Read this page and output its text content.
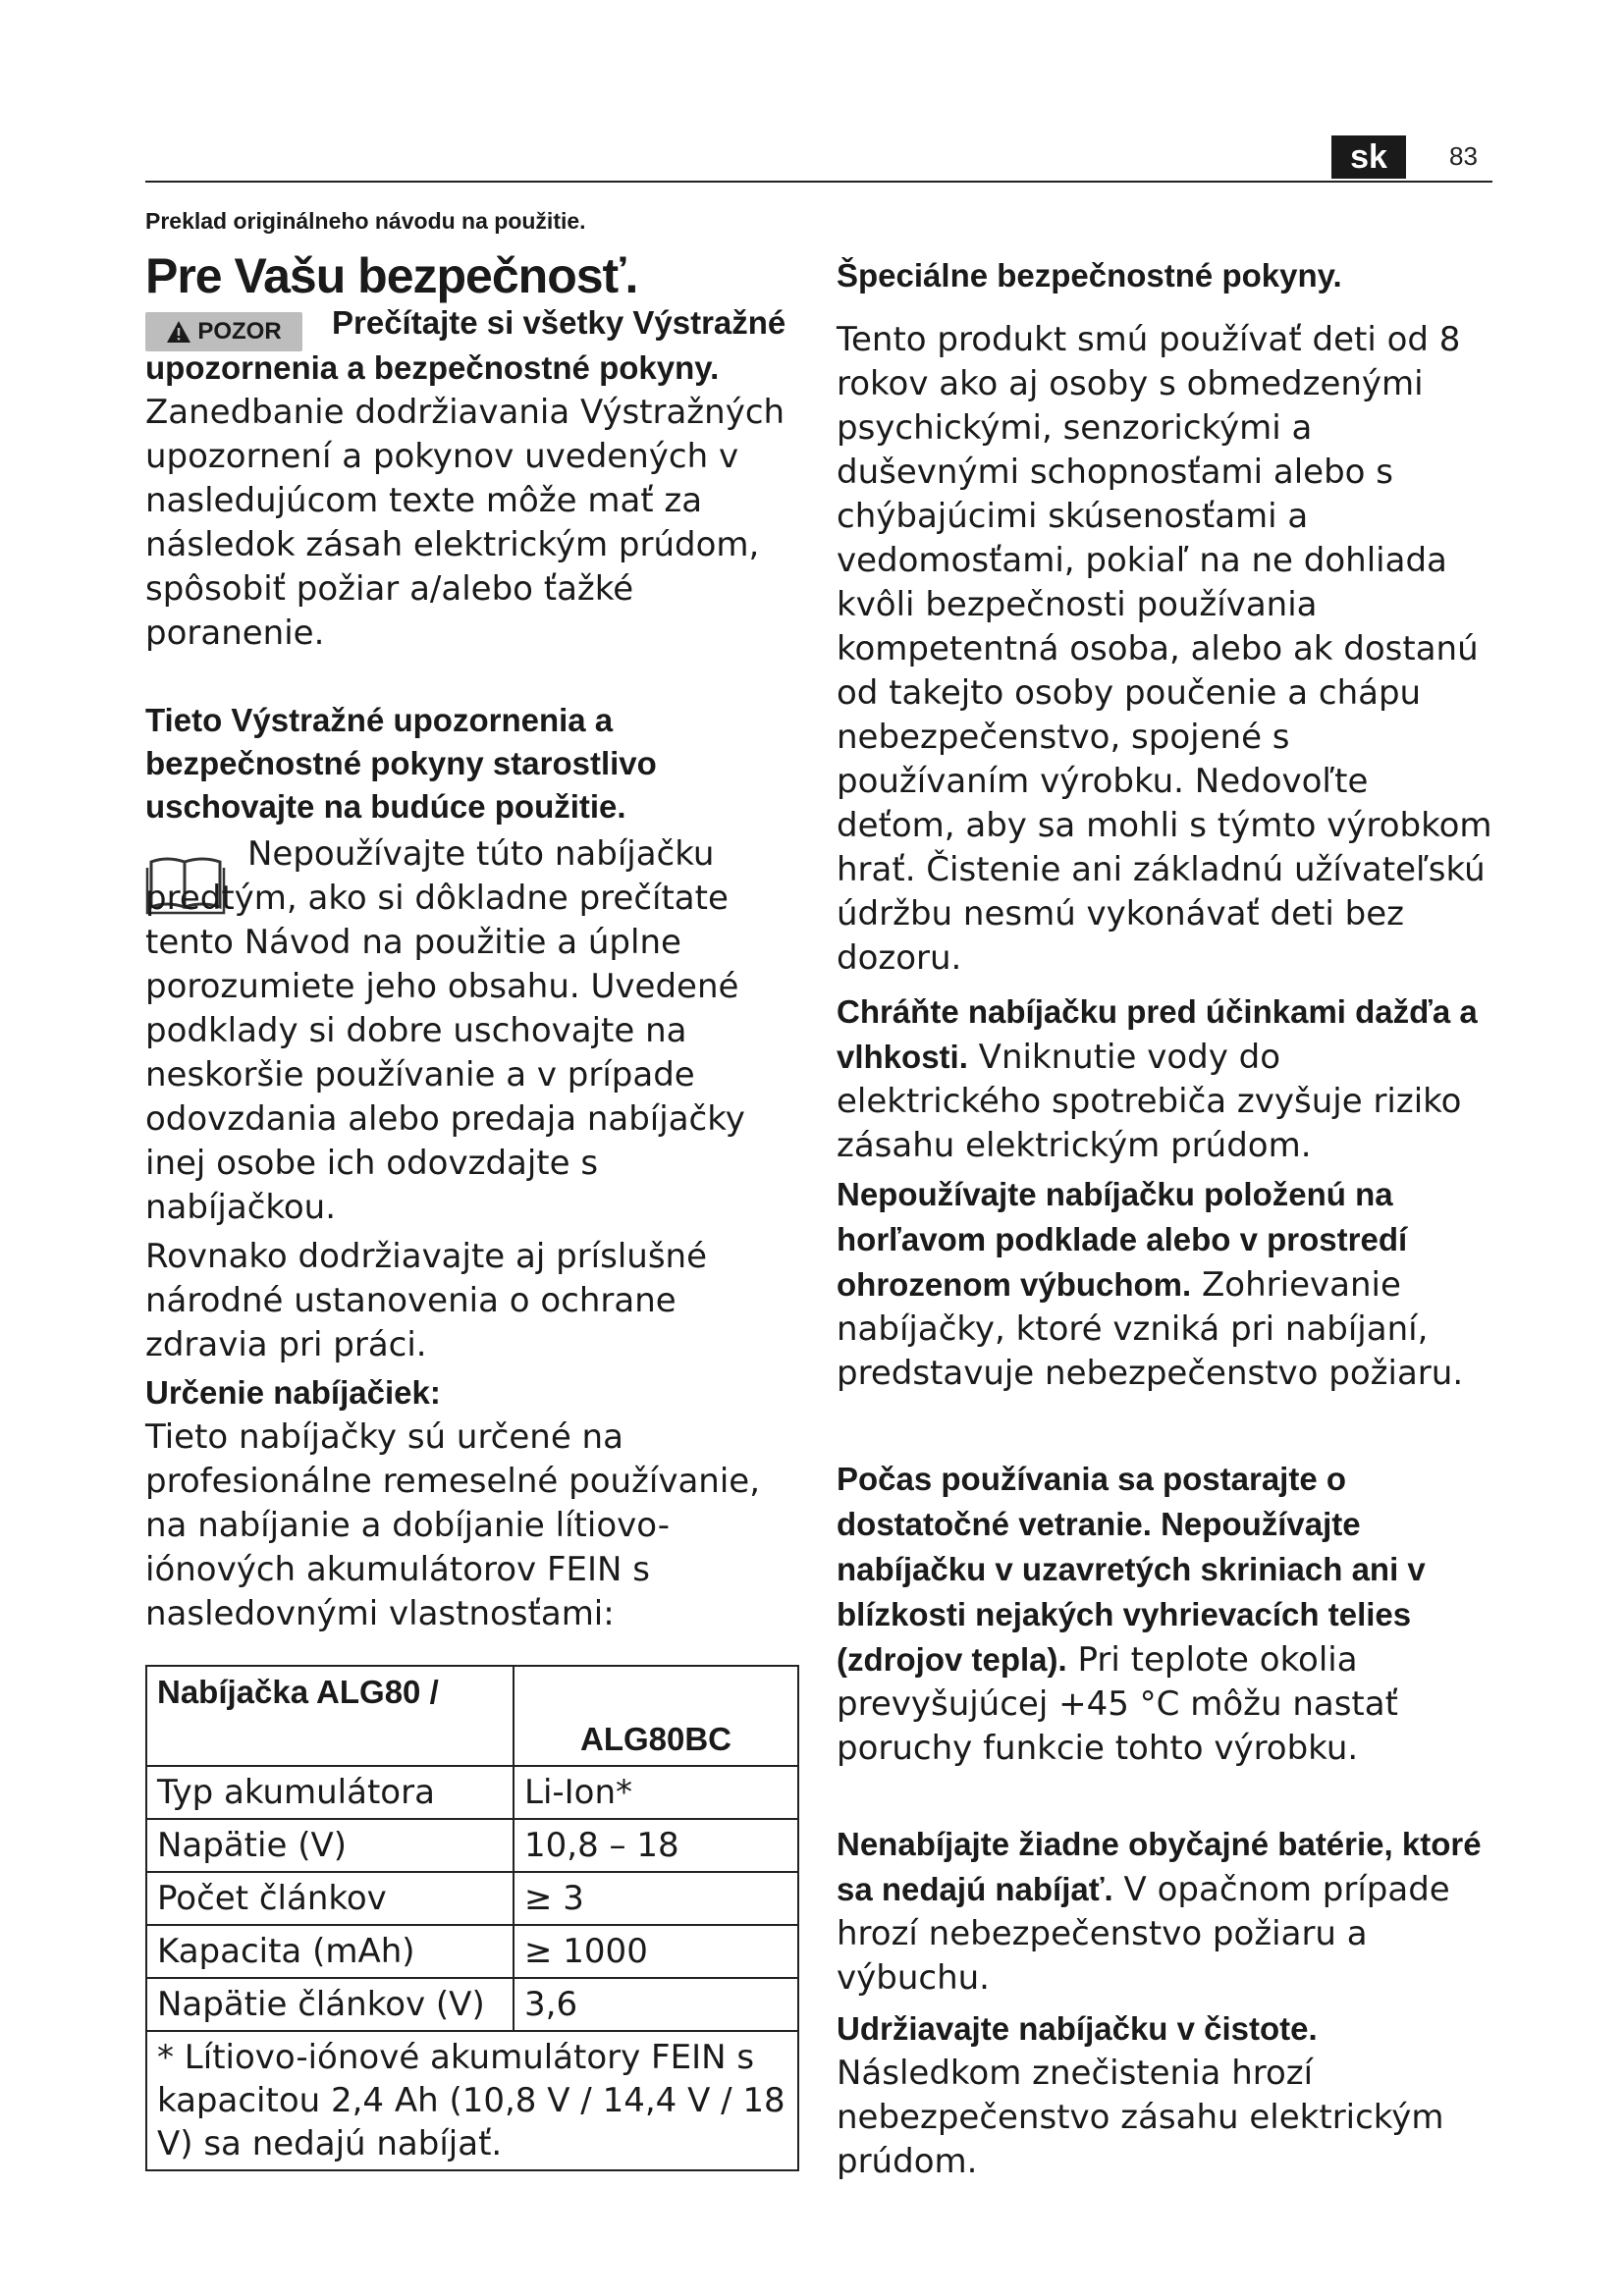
sk	83
Preklad originálneho návodu na použitie.
Pre Vašu bezpečnosť.
POZOR	Prečítajte si všetky Výstražné upozornenia a bezpečnostné pokyny. Zanedbanie dodržiavania Výstražných upozornení a pokynov uvedených v nasledujúcom texte môže mať za následok zásah elektrickým prúdom, spôsobiť požiar a/alebo ťažké poranenie.

Tieto Výstražné upozornenia a bezpečnostné pokyny starostlivo uschovajte na budúce použitie.

Nepoužívajte túto nabíjačku predtým, ako si dôkladne prečítate tento Návod na použitie a úplne porozumiete jeho obsahu. Uvedené podklady si dobre uschovajte na neskoršie používanie a v prípade odovzdania alebo predaja nabíjačky inej osobe ich odovzdajte s nabíjačkou.

Rovnako dodržiavajte aj príslušné národné ustanovenia o ochrane zdravia pri práci.

Určenie nabíjačiek:

Tieto nabíjačky sú určené na profesionálne remeselné používanie, na nabíjanie a dobíjanie lítiovo-iónových akumulátorov FEIN s nasledovnými vlastnosťami:

Nabíjačka ALG80 /	ALG80BC
Typ akumulátora	Li-Ion*
Napätie (V)	10,8 – 18
Počet článkov	≥ 3
Kapacita (mAh)	≥ 1000
Napätie článkov (V)	3,6
* Lítiovo-iónové akumulátory FEIN s kapacitou 2,4 Ah (10,8 V / 14,4 V / 18 V) sa nedajú nabíjať.	

Špeciálne bezpečnostné pokyny.

Tento produkt smú používať deti od 8 rokov ako aj osoby s obmedzenými psychickými, senzorickými a duševnými schopnosťami alebo s chýbajúcimi skúsenosťami a vedomosťami, pokiaľ na ne dohliada kvôli bezpečnosti používania kompetentná osoba, alebo ak dostanú od takejto osoby poučenie a chápu nebezpečenstvo, spojené s používaním výrobku. Nedovoľte deťom, aby sa mohli s týmto výrobkom hrať. Čistenie ani základnú užívateľskú údržbu nesmú vykonávať deti bez dozoru.

Chráňte nabíjačku pred účinkami dažďa a vlhkosti. Vniknutie vody do elektrického spotrebiča zvyšuje riziko zásahu elektrickým prúdom.

Nepoužívajte nabíjačku položenú na horľavom podklade alebo v prostredí ohrozenom výbuchom. Zohrievanie nabíjačky, ktoré vzniká pri nabíjaní, predstavuje nebezpečenstvo požiaru.

Počas používania sa postarajte o dostatočné vetranie. Nepoužívajte nabíjačku v uzavretých skriniach ani v blízkosti nejakých vyhrievacích telies (zdrojov tepla). Pri teplote okolia prevyšujúcej +45 °C môžu nastať poruchy funkcie tohto výrobku.

Nenabíjajte žiadne obyčajné batérie, ktoré sa nedajú nabíjať. V opačnom prípade hrozí nebezpečenstvo požiaru a výbuchu.

Udržiavajte nabíjačku v čistote. Následkom znečistenia hrozí nebezpečenstvo zásahu elektrickým prúdom.
